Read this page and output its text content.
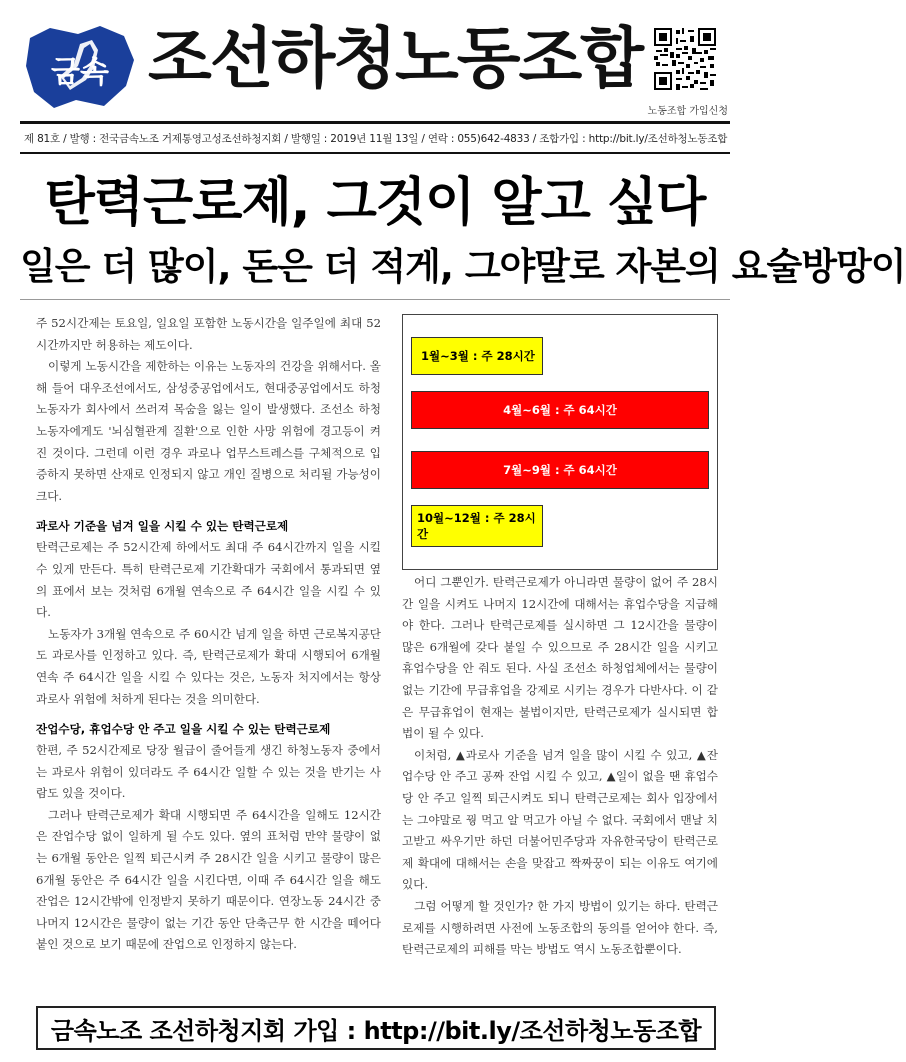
금속 조선하청노동조합
노동조합 가입신청
제 81호 / 발행 : 전국금속노조 거제통영고성조선하청지회 / 발행일 : 2019년 11월 13일 / 연락 : 055)642-4833 / 조합가입 : http://bit.ly/조선하청노동조합
탄력근로제, 그것이 알고 싶다
일은 더 많이, 돈은 더 적게, 그야말로 자본의 요술방망이

주 52시간제는 토요일, 일요일 포함한 노동시간을 일주일에 최대 52시간까지만 허용하는 제도이다.

이렇게 노동시간을 제한하는 이유는 노동자의 건강을 위해서다. 올해 들어 대우조선에서도, 삼성중공업에서도, 현대중공업에서도 하청노동자가 회사에서 쓰러져 목숨을 잃는 일이 발생했다. 조선소 하청노동자에게도 '뇌심혈관계 질환'으로 인한 사망 위험에 경고등이 켜진 것이다. 그런데 이런 경우 과로나 업무스트레스를 구체적으로 입증하지 못하면 산재로 인정되지 않고 개인 질병으로 처리될 가능성이 크다.

과로사 기준을 넘겨 일을 시킬 수 있는 탄력근로제

탄력근로제는 주 52시간제 하에서도 최대 주 64시간까지 일을 시킬 수 있게 만든다. 특히 탄력근로제 기간확대가 국회에서 통과되면 옆의 표에서 보는 것처럼 6개월 연속으로 주 64시간 일을 시킬 수 있다.

노동자가 3개월 연속으로 주 60시간 넘게 일을 하면 근로복지공단도 과로사를 인정하고 있다. 즉, 탄력근로제가 확대 시행되어 6개월 연속 주 64시간 일을 시킬 수 있다는 것은, 노동자 처지에서는 항상 과로사 위험에 처하게 된다는 것을 의미한다.

잔업수당, 휴업수당 안 주고 일을 시킬 수 있는 탄력근로제

한편, 주 52시간제로 당장 월급이 줄어들게 생긴 하청노동자 중에서는 과로사 위험이 있더라도 주 64시간 일할 수 있는 것을 반기는 사람도 있을 것이다.

그러나 탄력근로제가 확대 시행되면 주 64시간을 일해도 12시간은 잔업수당 없이 일하게 될 수도 있다. 옆의 표처럼 만약 물량이 없는 6개월 동안은 일찍 퇴근시켜 주 28시간 일을 시키고 물량이 많은 6개월 동안은 주 64시간 일을 시킨다면, 이때 주 64시간 일을 해도 잔업은 12시간밖에 인정받지 못하기 때문이다. 연장노동 24시간 중 나머지 12시간은 물량이 없는 기간 동안 단축근무 한 시간을 떼어다 붙인 것으로 보기 때문에 잔업으로 인정하지 않는다.

1월~3월 : 주 28시간
4월~6월 : 주 64시간
7월~9월 : 주 64시간
10월~12월 : 주 28시간

어디 그뿐인가. 탄력근로제가 아니라면 물량이 없어 주 28시간 일을 시켜도 나머지 12시간에 대해서는 휴업수당을 지급해야 한다. 그러나 탄력근로제를 실시하면 그 12시간을 물량이 많은 6개월에 갖다 붙일 수 있으므로 주 28시간 일을 시키고 휴업수당을 안 줘도 된다. 사실 조선소 하청업체에서는 물량이 없는 기간에 무급휴업을 강제로 시키는 경우가 다반사다. 이 같은 무급휴업이 현재는 불법이지만, 탄력근로제가 실시되면 합법이 될 수 있다.

이처럼, ▲과로사 기준을 넘겨 일을 많이 시킬 수 있고, ▲잔업수당 안 주고 공짜 잔업 시킬 수 있고, ▲일이 없을 땐 휴업수당 안 주고 일찍 퇴근시켜도 되니 탄력근로제는 회사 입장에서는 그야말로 꿩 먹고 알 먹고가 아닐 수 없다. 국회에서 맨날 치고받고 싸우기만 하던 더불어민주당과 자유한국당이 탄력근로제 확대에 대해서는 손을 맞잡고 짝짜꿍이 되는 이유도 여기에 있다.

그럼 어떻게 할 것인가? 한 가지 방법이 있기는 하다. 탄력근로제를 시행하려면 사전에 노동조합의 동의를 얻어야 한다. 즉, 탄력근로제의 피해를 막는 방법도 역시 노동조합뿐이다.

금속노조 조선하청지회 가입 : http://bit.ly/조선하청노동조합
